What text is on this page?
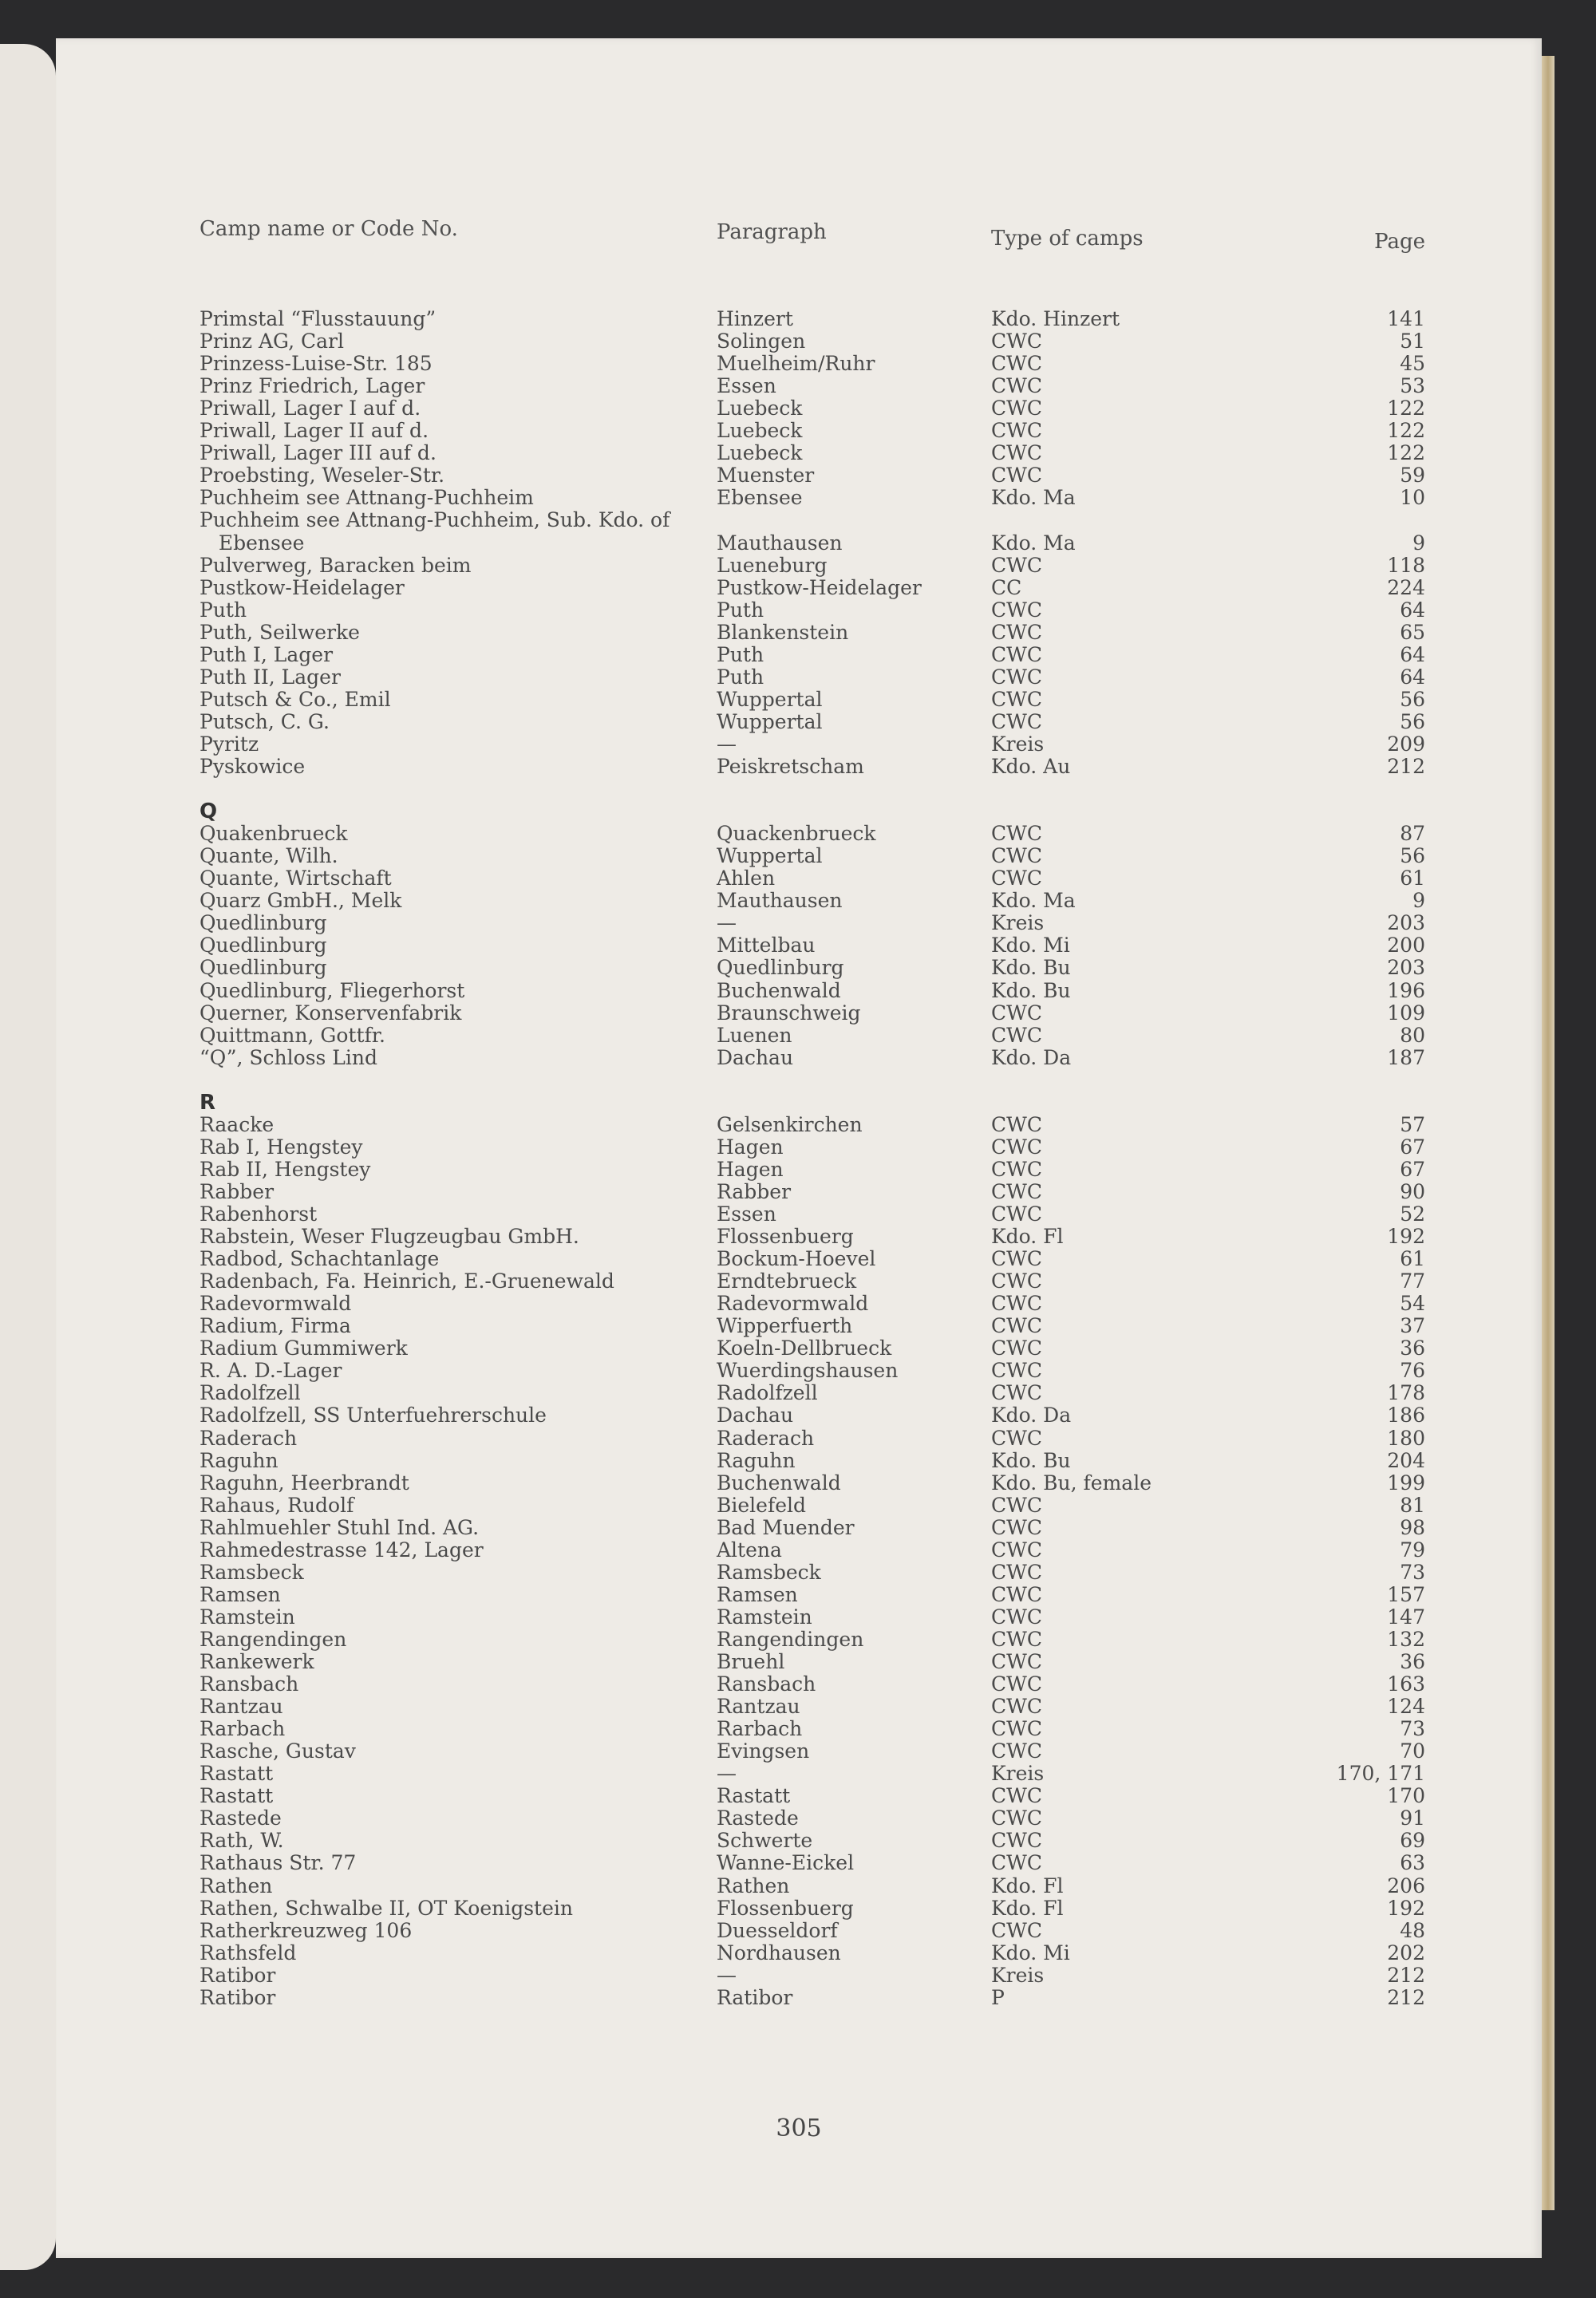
Camp name or Code No.	Paragraph	Type of camps	Page
Primstal “Flusstauung”	Hinzert	Kdo. Hinzert	141
Prinz AG, Carl	Solingen	CWC	51
Prinzess-Luise-Str. 185	Muelheim/Ruhr	CWC	45
Prinz Friedrich, Lager	Essen	CWC	53
Priwall, Lager I auf d.	Luebeck	CWC	122
Priwall, Lager II auf d.	Luebeck	CWC	122
Priwall, Lager III auf d.	Luebeck	CWC	122
Proebsting, Weseler-Str.	Muenster	CWC	59
Puchheim see Attnang-Puchheim	Ebensee	Kdo. Ma	10
Puchheim see Attnang-Puchheim, Sub. Kdo. of
Ebensee	Mauthausen	Kdo. Ma	9
Pulverweg, Baracken beim	Lueneburg	CWC	118
Pustkow-Heidelager	Pustkow-Heidelager	CC	224
Puth	Puth	CWC	64
Puth, Seilwerke	Blankenstein	CWC	65
Puth I, Lager	Puth	CWC	64
Puth II, Lager	Puth	CWC	64
Putsch & Co., Emil	Wuppertal	CWC	56
Putsch, C. G.	Wuppertal	CWC	56
Pyritz	—	Kreis	209
Pyskowice	Peiskretscham	Kdo. Au	212
Q
Quakenbrueck	Quackenbrueck	CWC	87
Quante, Wilh.	Wuppertal	CWC	56
Quante, Wirtschaft	Ahlen	CWC	61
Quarz GmbH., Melk	Mauthausen	Kdo. Ma	9
Quedlinburg	—	Kreis	203
Quedlinburg	Mittelbau	Kdo. Mi	200
Quedlinburg	Quedlinburg	Kdo. Bu	203
Quedlinburg, Fliegerhorst	Buchenwald	Kdo. Bu	196
Querner, Konservenfabrik	Braunschweig	CWC	109
Quittmann, Gottfr.	Luenen	CWC	80
“Q”, Schloss Lind	Dachau	Kdo. Da	187
R
Raacke	Gelsenkirchen	CWC	57
Rab I, Hengstey	Hagen	CWC	67
Rab II, Hengstey	Hagen	CWC	67
Rabber	Rabber	CWC	90
Rabenhorst	Essen	CWC	52
Rabstein, Weser Flugzeugbau GmbH.	Flossenbuerg	Kdo. Fl	192
Radbod, Schachtanlage	Bockum-Hoevel	CWC	61
Radenbach, Fa. Heinrich, E.-Gruenewald	Erndtebrueck	CWC	77
Radevormwald	Radevormwald	CWC	54
Radium, Firma	Wipperfuerth	CWC	37
Radium Gummiwerk	Koeln-Dellbrueck	CWC	36
R. A. D.-Lager	Wuerdingshausen	CWC	76
Radolfzell	Radolfzell	CWC	178
Radolfzell, SS Unterfuehrerschule	Dachau	Kdo. Da	186
Raderach	Raderach	CWC	180
Raguhn	Raguhn	Kdo. Bu	204
Raguhn, Heerbrandt	Buchenwald	Kdo. Bu, female	199
Rahaus, Rudolf	Bielefeld	CWC	81
Rahlmuehler Stuhl Ind. AG.	Bad Muender	CWC	98
Rahmedestrasse 142, Lager	Altena	CWC	79
Ramsbeck	Ramsbeck	CWC	73
Ramsen	Ramsen	CWC	157
Ramstein	Ramstein	CWC	147
Rangendingen	Rangendingen	CWC	132
Rankewerk	Bruehl	CWC	36
Ransbach	Ransbach	CWC	163
Rantzau	Rantzau	CWC	124
Rarbach	Rarbach	CWC	73
Rasche, Gustav	Evingsen	CWC	70
Rastatt	—	Kreis	170, 171
Rastatt	Rastatt	CWC	170
Rastede	Rastede	CWC	91
Rath, W.	Schwerte	CWC	69
Rathaus Str. 77	Wanne-Eickel	CWC	63
Rathen	Rathen	Kdo. Fl	206
Rathen, Schwalbe II, OT Koenigstein	Flossenbuerg	Kdo. Fl	192
Ratherkreuzweg 106	Duesseldorf	CWC	48
Rathsfeld	Nordhausen	Kdo. Mi	202
Ratibor	—	Kreis	212
Ratibor	Ratibor	P	212
305
